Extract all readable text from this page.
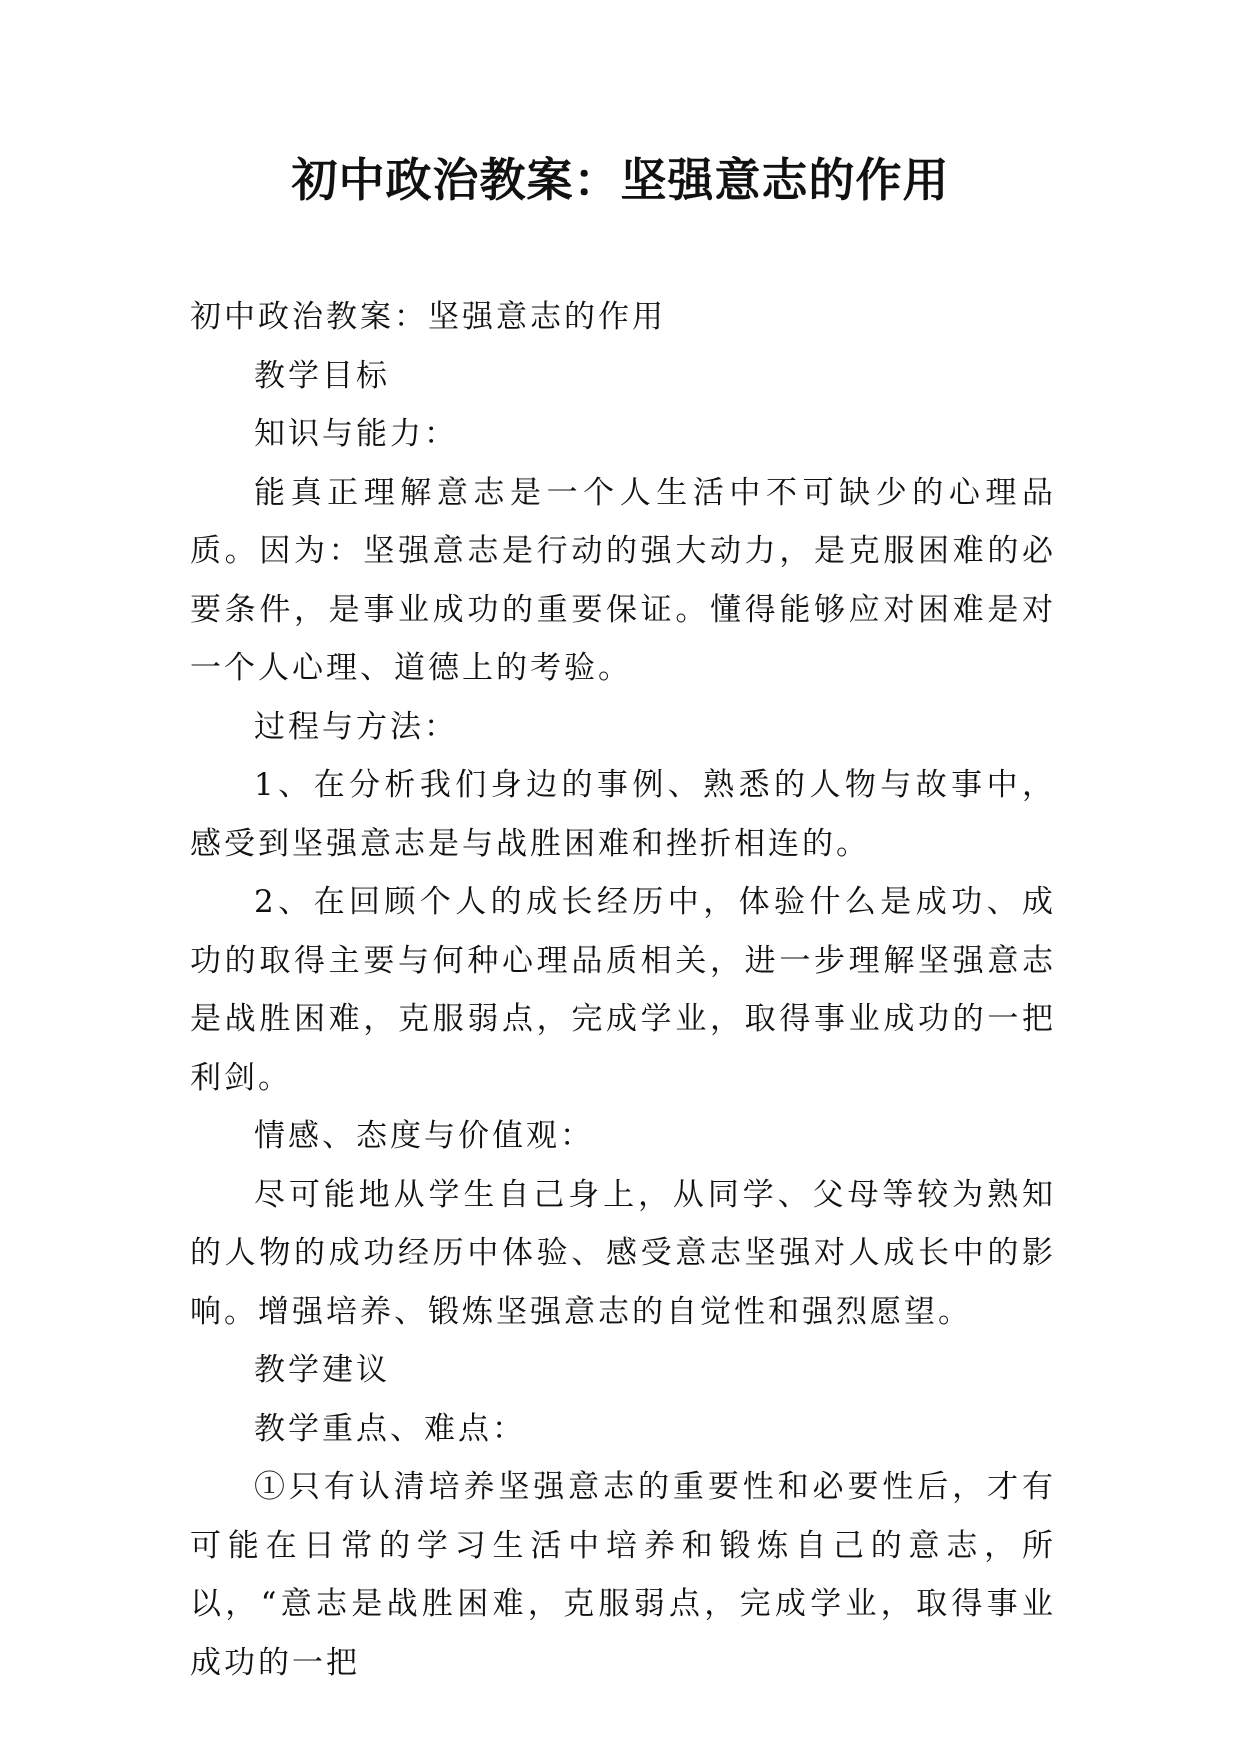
初中政治教案：坚强意志的作用

初中政治教案：坚强意志的作用

教学目标

知识与能力：

能真正理解意志是一个人生活中不可缺少的心理品质。因为：坚强意志是行动的强大动力，是克服困难的必要条件，是事业成功的重要保证。懂得能够应对困难是对一个人心理、道德上的考验。

过程与方法：

1、在分析我们身边的事例、熟悉的人物与故事中，感受到坚强意志是与战胜困难和挫折相连的。

2、在回顾个人的成长经历中，体验什么是成功、成功的取得主要与何种心理品质相关，进一步理解坚强意志是战胜困难，克服弱点，完成学业，取得事业成功的一把利剑。

情感、态度与价值观：

尽可能地从学生自己身上，从同学、父母等较为熟知的人物的成功经历中体验、感受意志坚强对人成长中的影响。增强培养、锻炼坚强意志的自觉性和强烈愿望。

教学建议

教学重点、难点：

①只有认清培养坚强意志的重要性和必要性后，才有可能在日常的学习生活中培养和锻炼自己的意志，所以，“意志是战胜困难，克服弱点，完成学业，取得事业成功的一把
